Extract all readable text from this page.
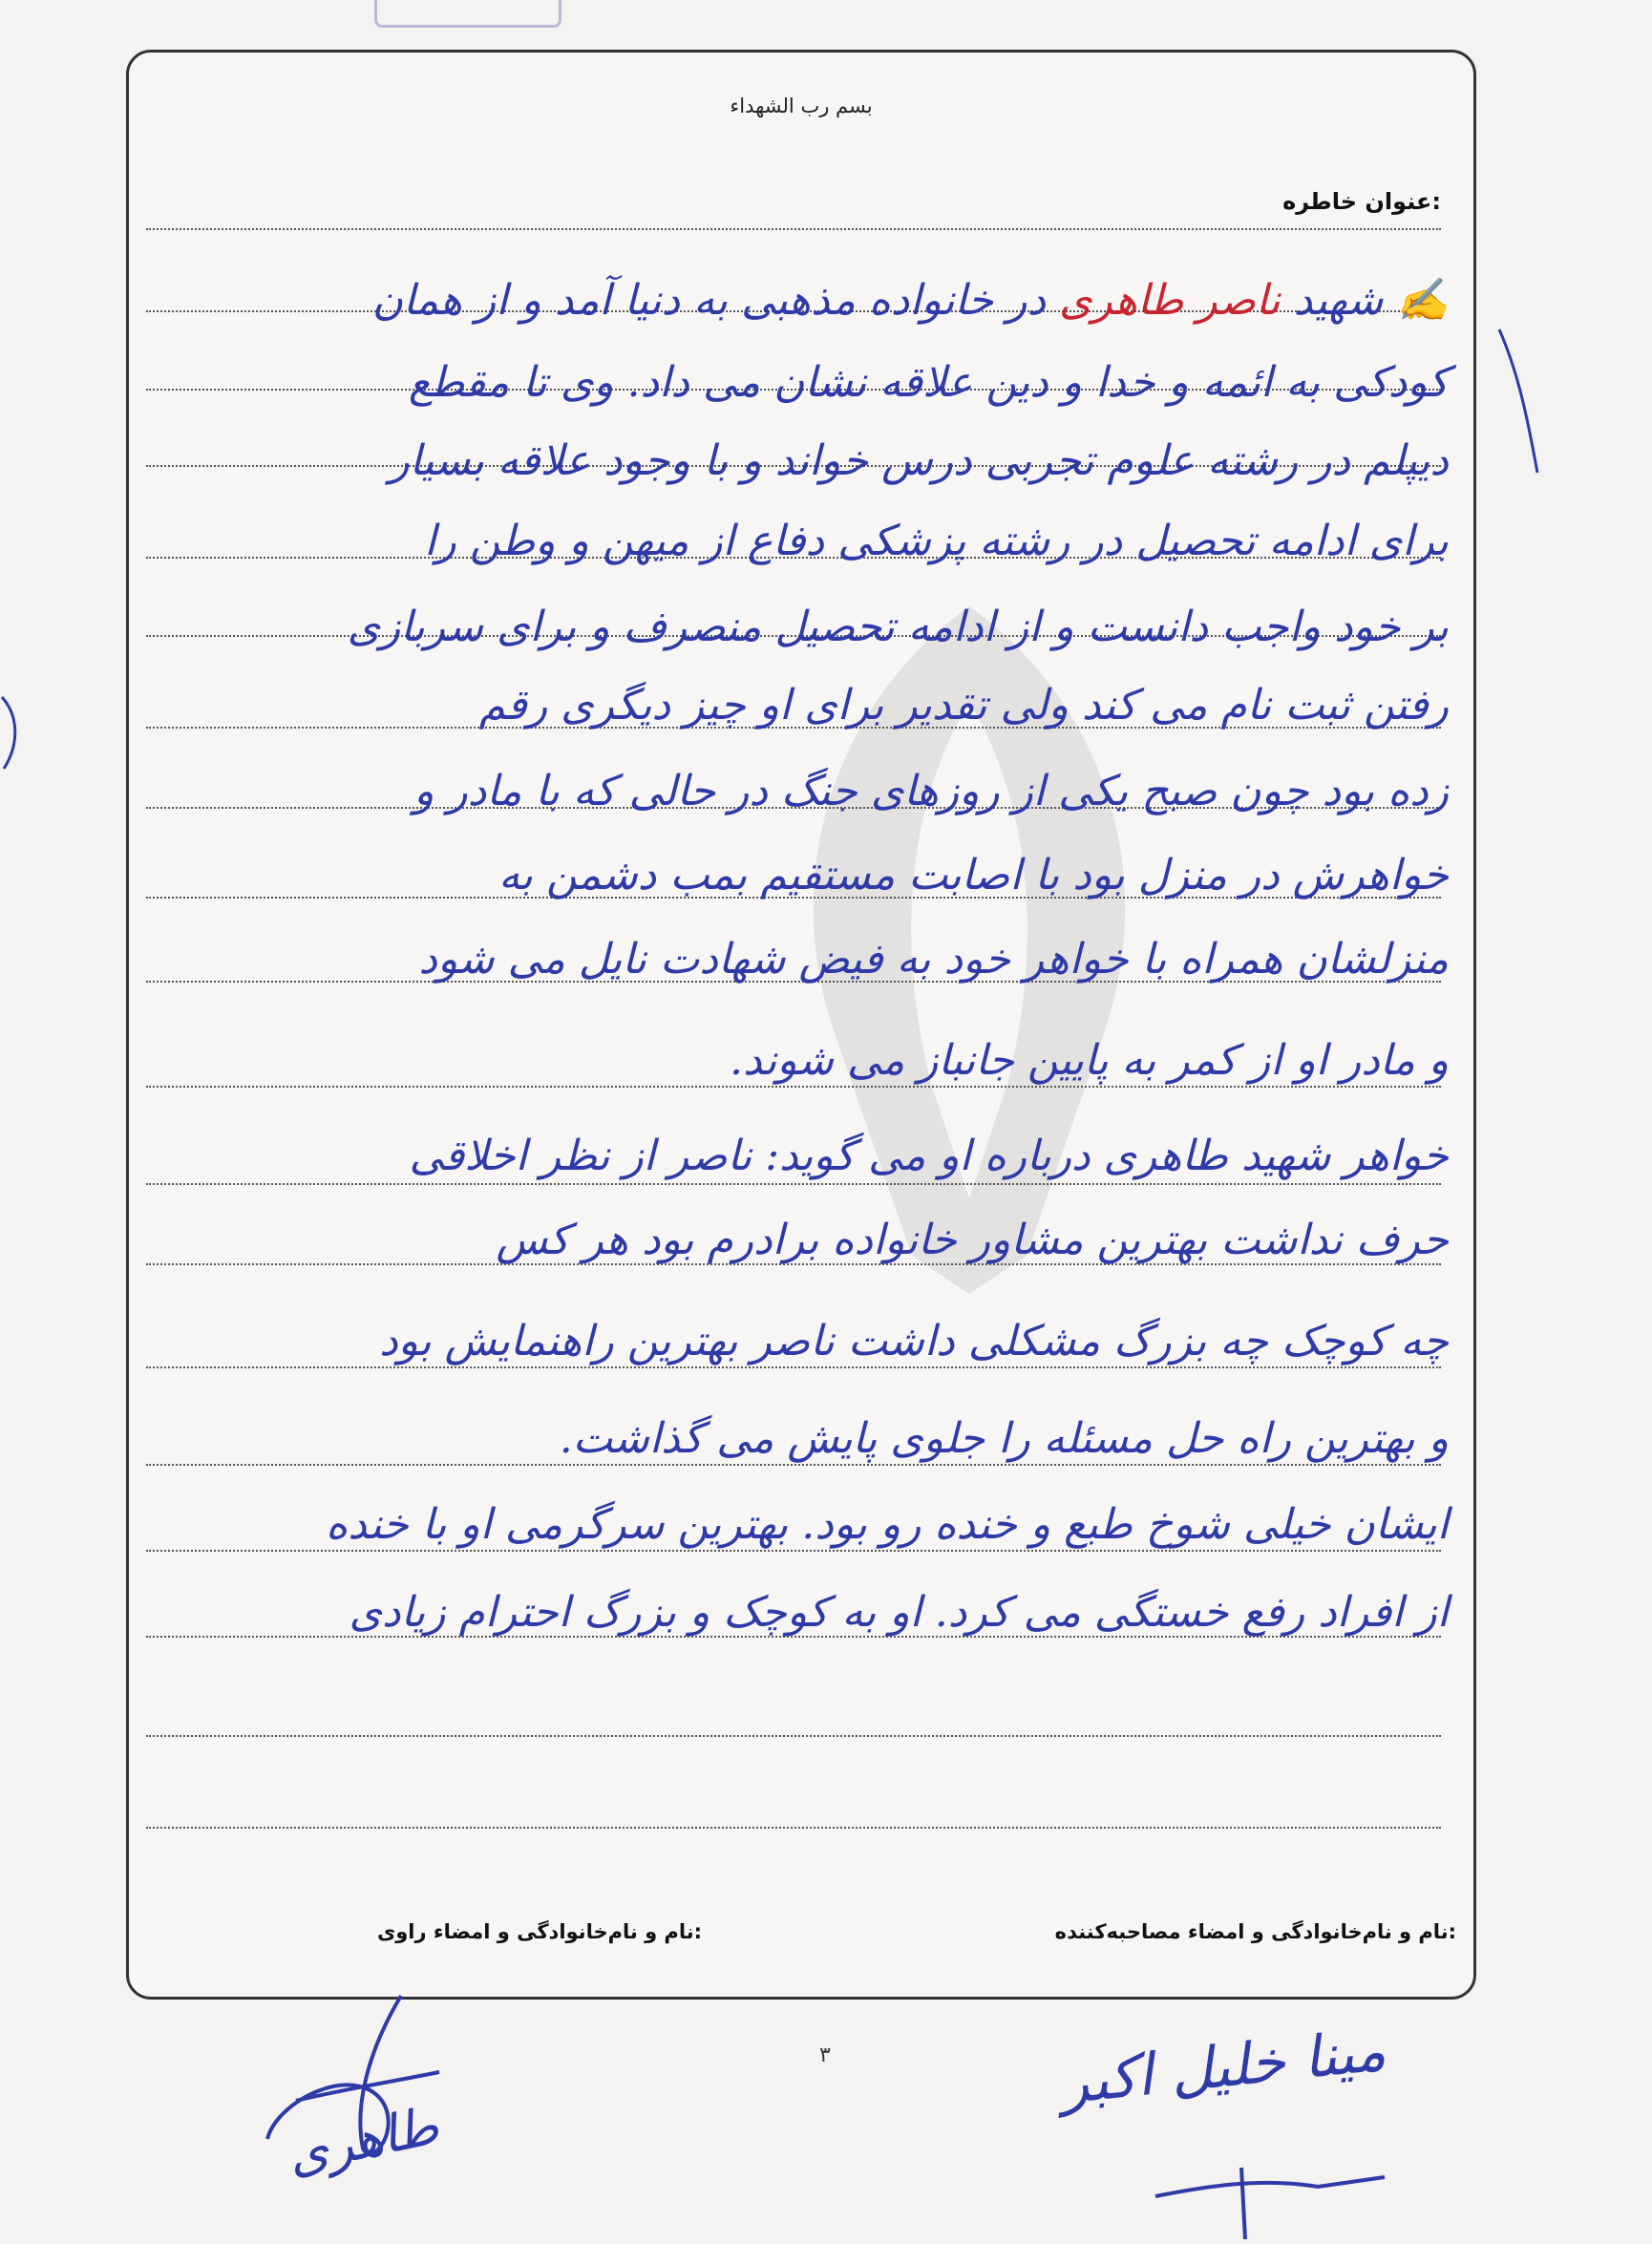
بسم رب الشهداء
عنوان خاطره:
✍ شهید ناصر طاهری در خانواده مذهبی به دنیا آمد و از همان
کودکی به ائمه و خدا و دین علاقه نشان می داد. وی تا مقطع
دیپلم در رشته علوم تجربی درس خواند و با وجود علاقه بسیار
برای ادامه تحصیل در رشته پزشکی دفاع از میهن و وطن را
بر خود واجب دانست و از ادامه تحصیل منصرف و برای سربازی
رفتن ثبت نام می کند ولی تقدیر برای او چیز دیگری رقم
زده بود چون صبح یکی از روزهای جنگ در حالی که با مادر و
خواهرش در منزل بود با اصابت مستقیم بمب دشمن به
منزلشان همراه با خواهر خود به فیض شهادت نایل می شود
و مادر او از کمر به پایین جانباز می شوند.
خواهر شهید طاهری درباره او می گوید: ناصر از نظر اخلاقی
حرف نداشت بهترین مشاور خانواده برادرم بود هر کس
چه کوچک چه بزرگ مشکلی داشت ناصر بهترین راهنمایش بود
و بهترین راه حل مسئله را جلوی پایش می گذاشت.
ایشان خیلی شوخ طبع و خنده رو بود. بهترین سرگرمی او با خنده
از افراد رفع خستگی می کرد. او به کوچک و بزرگ احترام زیادی
نام و نام‌خانوادگی و امضاء مصاحبه‌کننده:
نام و نام‌خانوادگی و امضاء راوی:
۳
طاهری
مینا خلیل اکبر
